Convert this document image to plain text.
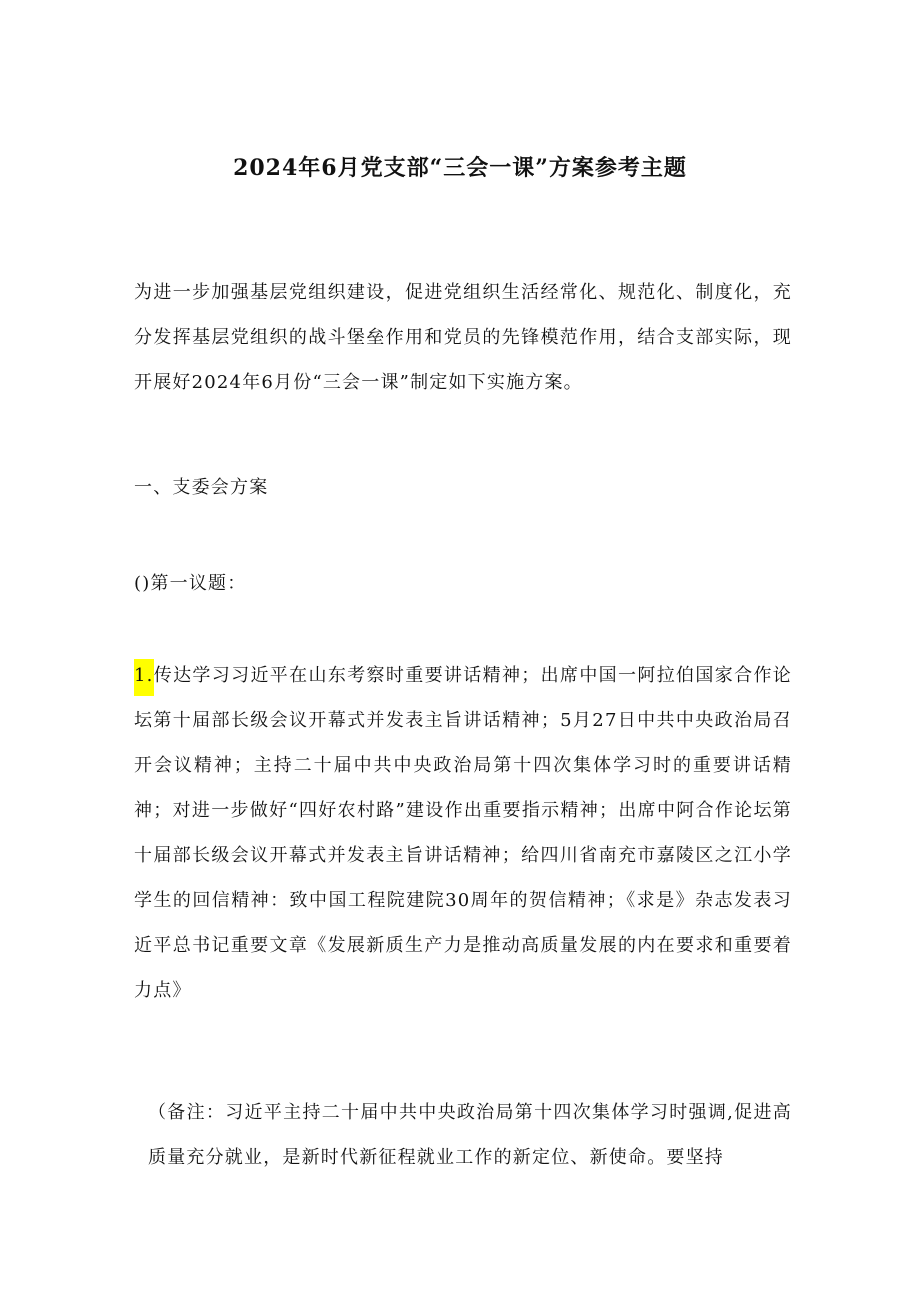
2024年6月党支部“三会一课”方案参考主题
为进一步加强基层党组织建设，促进党组织生活经常化、规范化、制度化，充分发挥基层党组织的战斗堡垒作用和党员的先锋模范作用，结合支部实际，现开展好2024年6月份“三会一课”制定如下实施方案。
一、支委会方案
()第一议题：
1.传达学习习近平在山东考察时重要讲话精神；出席中国一阿拉伯国家合作论坛第十届部长级会议开幕式并发表主旨讲话精神；5月27日中共中央政治局召开会议精神；主持二十届中共中央政治局第十四次集体学习时的重要讲话精神；对进一步做好“四好农村路”建设作出重要指示精神；出席中阿合作论坛第十届部长级会议开幕式并发表主旨讲话精神；给四川省南充市嘉陵区之江小学学生的回信精神：致中国工程院建院30周年的贺信精神；《求是》杂志发表习近平总书记重要文章《发展新质生产力是推动高质量发展的内在要求和重要着力点》
（备注：习近平主持二十届中共中央政治局第十四次集体学习时强调,促进高质量充分就业，是新时代新征程就业工作的新定位、新使命。要坚持
